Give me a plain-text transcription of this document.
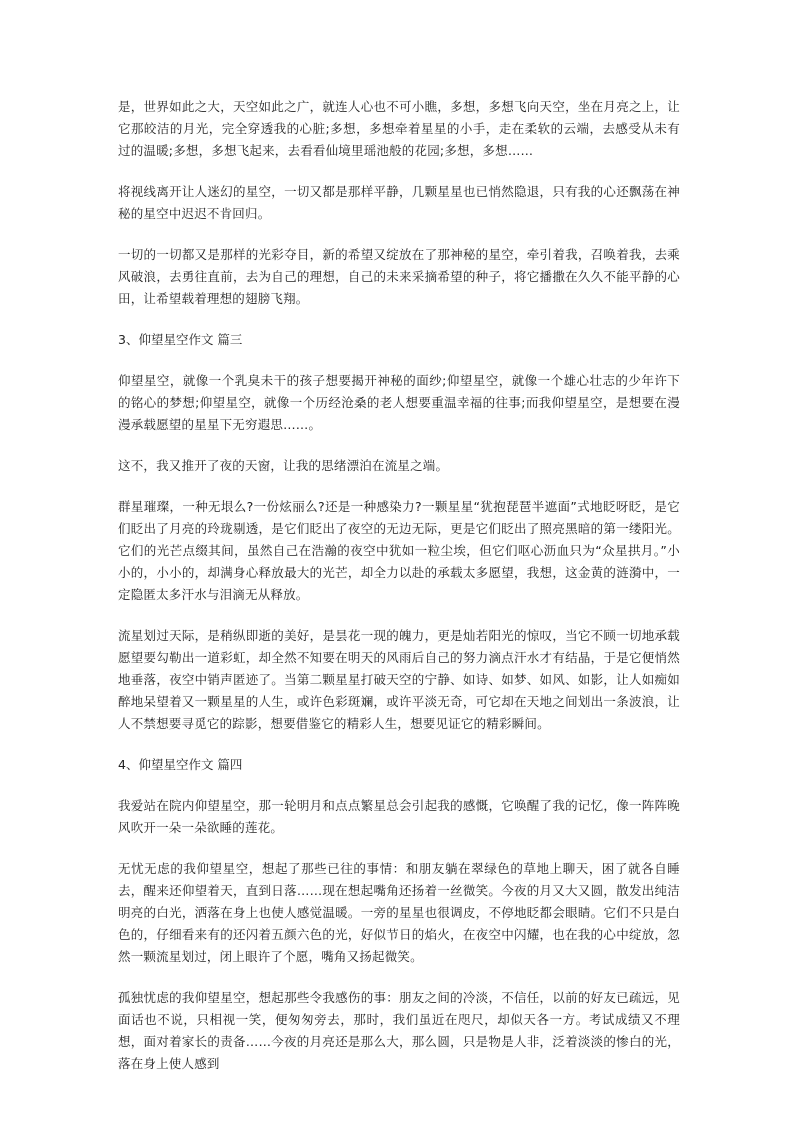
是，世界如此之大，天空如此之广，就连人心也不可小瞧，多想，多想飞向天空，坐在月亮之上，让它那皎洁的月光，完全穿透我的心脏;多想，多想牵着星星的小手，走在柔软的云端，去感受从未有过的温暖;多想，多想飞起来，去看看仙境里瑶池般的花园;多想，多想……

将视线离开让人迷幻的星空，一切又都是那样平静，几颗星星也已悄然隐退，只有我的心还飘荡在神秘的星空中迟迟不肯回归。

一切的一切都又是那样的光彩夺目，新的希望又绽放在了那神秘的星空，牵引着我，召唤着我，去乘风破浪，去勇往直前，去为自己的理想，自己的未来采摘希望的种子，将它播撒在久久不能平静的心田，让希望载着理想的翅膀飞翔。

3、仰望星空作文 篇三

仰望星空，就像一个乳臭未干的孩子想要揭开神秘的面纱;仰望星空，就像一个雄心壮志的少年许下的铭心的梦想;仰望星空，就像一个历经沧桑的老人想要重温幸福的往事;而我仰望星空，是想要在漫漫承载愿望的星星下无穷遐思……。

这不，我又推开了夜的天窗，让我的思绪漂泊在流星之端。

群星璀璨，一种无垠么?一份炫丽么?还是一种感染力?一颗星星“犹抱琵琶半遮面”式地眨呀眨，是它们眨出了月亮的玲珑剔透，是它们眨出了夜空的无边无际，更是它们眨出了照亮黑暗的第一缕阳光。它们的光芒点缀其间，虽然自己在浩瀚的夜空中犹如一粒尘埃，但它们呕心沥血只为“众星拱月。”小小的，小小的，却满身心释放最大的光芒，却全力以赴的承载太多愿望，我想，这金黄的涟漪中，一定隐匿太多汗水与泪滴无从释放。

流星划过天际，是稍纵即逝的美好，是昙花一现的魄力，更是灿若阳光的惊叹，当它不顾一切地承载愿望要勾勒出一道彩虹，却全然不知要在明天的风雨后自己的努力滴点汗水才有结晶，于是它便悄然地垂落，夜空中销声匿迹了。当第二颗星星打破天空的宁静、如诗、如梦、如风、如影，让人如痴如醉地呆望着又一颗星星的人生，或许色彩斑斓，或许平淡无奇，可它却在天地之间划出一条波浪，让人不禁想要寻觅它的踪影，想要借鉴它的精彩人生，想要见证它的精彩瞬间。

4、仰望星空作文 篇四

我爱站在院内仰望星空，那一轮明月和点点繁星总会引起我的感慨，它唤醒了我的记忆，像一阵阵晚风吹开一朵一朵欲睡的莲花。

无忧无虑的我仰望星空，想起了那些已往的事情：和朋友躺在翠绿色的草地上聊天，困了就各自睡去，醒来还仰望着天，直到日落……现在想起嘴角还扬着一丝微笑。今夜的月又大又圆，散发出纯洁明亮的白光，洒落在身上也使人感觉温暖。一旁的星星也很调皮，不停地眨都会眼睛。它们不只是白色的，仔细看来有的还闪着五颜六色的光，好似节日的焰火，在夜空中闪耀，也在我的心中绽放，忽然一颗流星划过，闭上眼许了个愿，嘴角又扬起微笑。

孤独忧虑的我仰望星空，想起那些令我感伤的事：朋友之间的冷淡，不信任，以前的好友已疏远，见面话也不说，只相视一笑，便匆匆旁去，那时，我们虽近在咫尺，却似天各一方。考试成绩又不理想，面对着家长的责备……今夜的月亮还是那么大，那么圆，只是物是人非，泛着淡淡的惨白的光，落在身上使人感到
